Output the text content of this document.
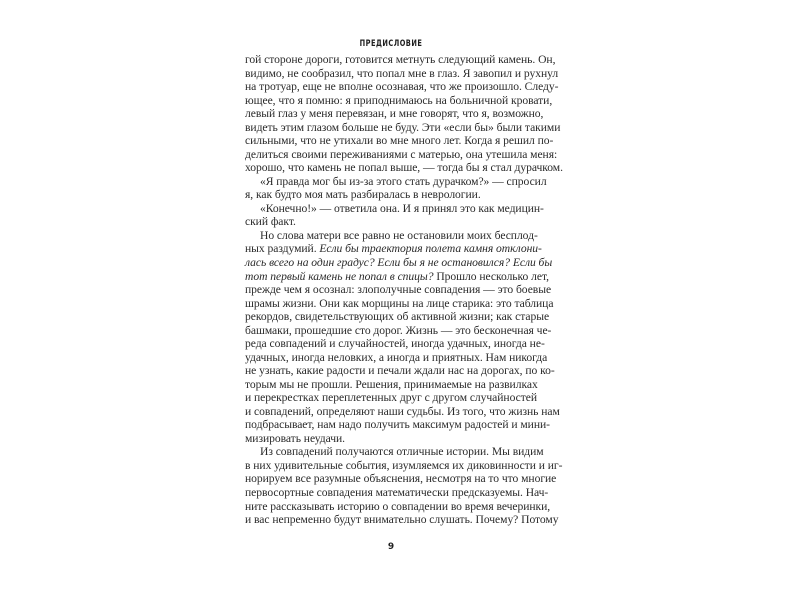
ПРЕДИСЛОВИЕ
гой стороне дороги, готовится метнуть следующий камень. Он,
видимо, не сообразил, что попал мне в глаз. Я завопил и рухнул
на тротуар, еще не вполне осознавая, что же произошло. Следу-
ющее, что я помню: я приподнимаюсь на больничной кровати,
левый глаз у меня перевязан, и мне говорят, что я, возможно,
видеть этим глазом больше не буду. Эти «если бы» были такими
сильными, что не утихали во мне много лет. Когда я решил по-
делиться своими переживаниями с матерью, она утешила меня:
хорошо, что камень не попал выше, — тогда бы я стал дурачком.
«Я правда мог бы из-за этого стать дурачком?» — спросил
я, как будто моя мать разбиралась в неврологии.
«Конечно!» — ответила она. И я принял это как медицин-
ский факт.
Но слова матери все равно не остановили моих бесплод-
ных раздумий. Если бы траектория полета камня отклони-
лась всего на один градус? Если бы я не остановился? Если бы
тот первый камень не попал в спицы? Прошло несколько лет,
прежде чем я осознал: злополучные совпадения — это боевые
шрамы жизни. Они как морщины на лице старика: это таблица
рекордов, свидетельствующих об активной жизни; как старые
башмаки, прошедшие сто дорог. Жизнь — это бесконечная че-
реда совпадений и случайностей, иногда удачных, иногда не-
удачных, иногда неловких, а иногда и приятных. Нам никогда
не узнать, какие радости и печали ждали нас на дорогах, по ко-
торым мы не прошли. Решения, принимаемые на развилках
и перекрестках переплетенных друг с другом случайностей
и совпадений, определяют наши судьбы. Из того, что жизнь нам
подбрасывает, нам надо получить максимум радостей и мини-
мизировать неудачи.
Из совпадений получаются отличные истории. Мы видим
в них удивительные события, изумляемся их диковинности и иг-
норируем все разумные объяснения, несмотря на то что многие
первосортные совпадения математически предсказуемы. Нач-
ните рассказывать историю о совпадении во время вечеринки,
и вас непременно будут внимательно слушать. Почему? Потому
9
